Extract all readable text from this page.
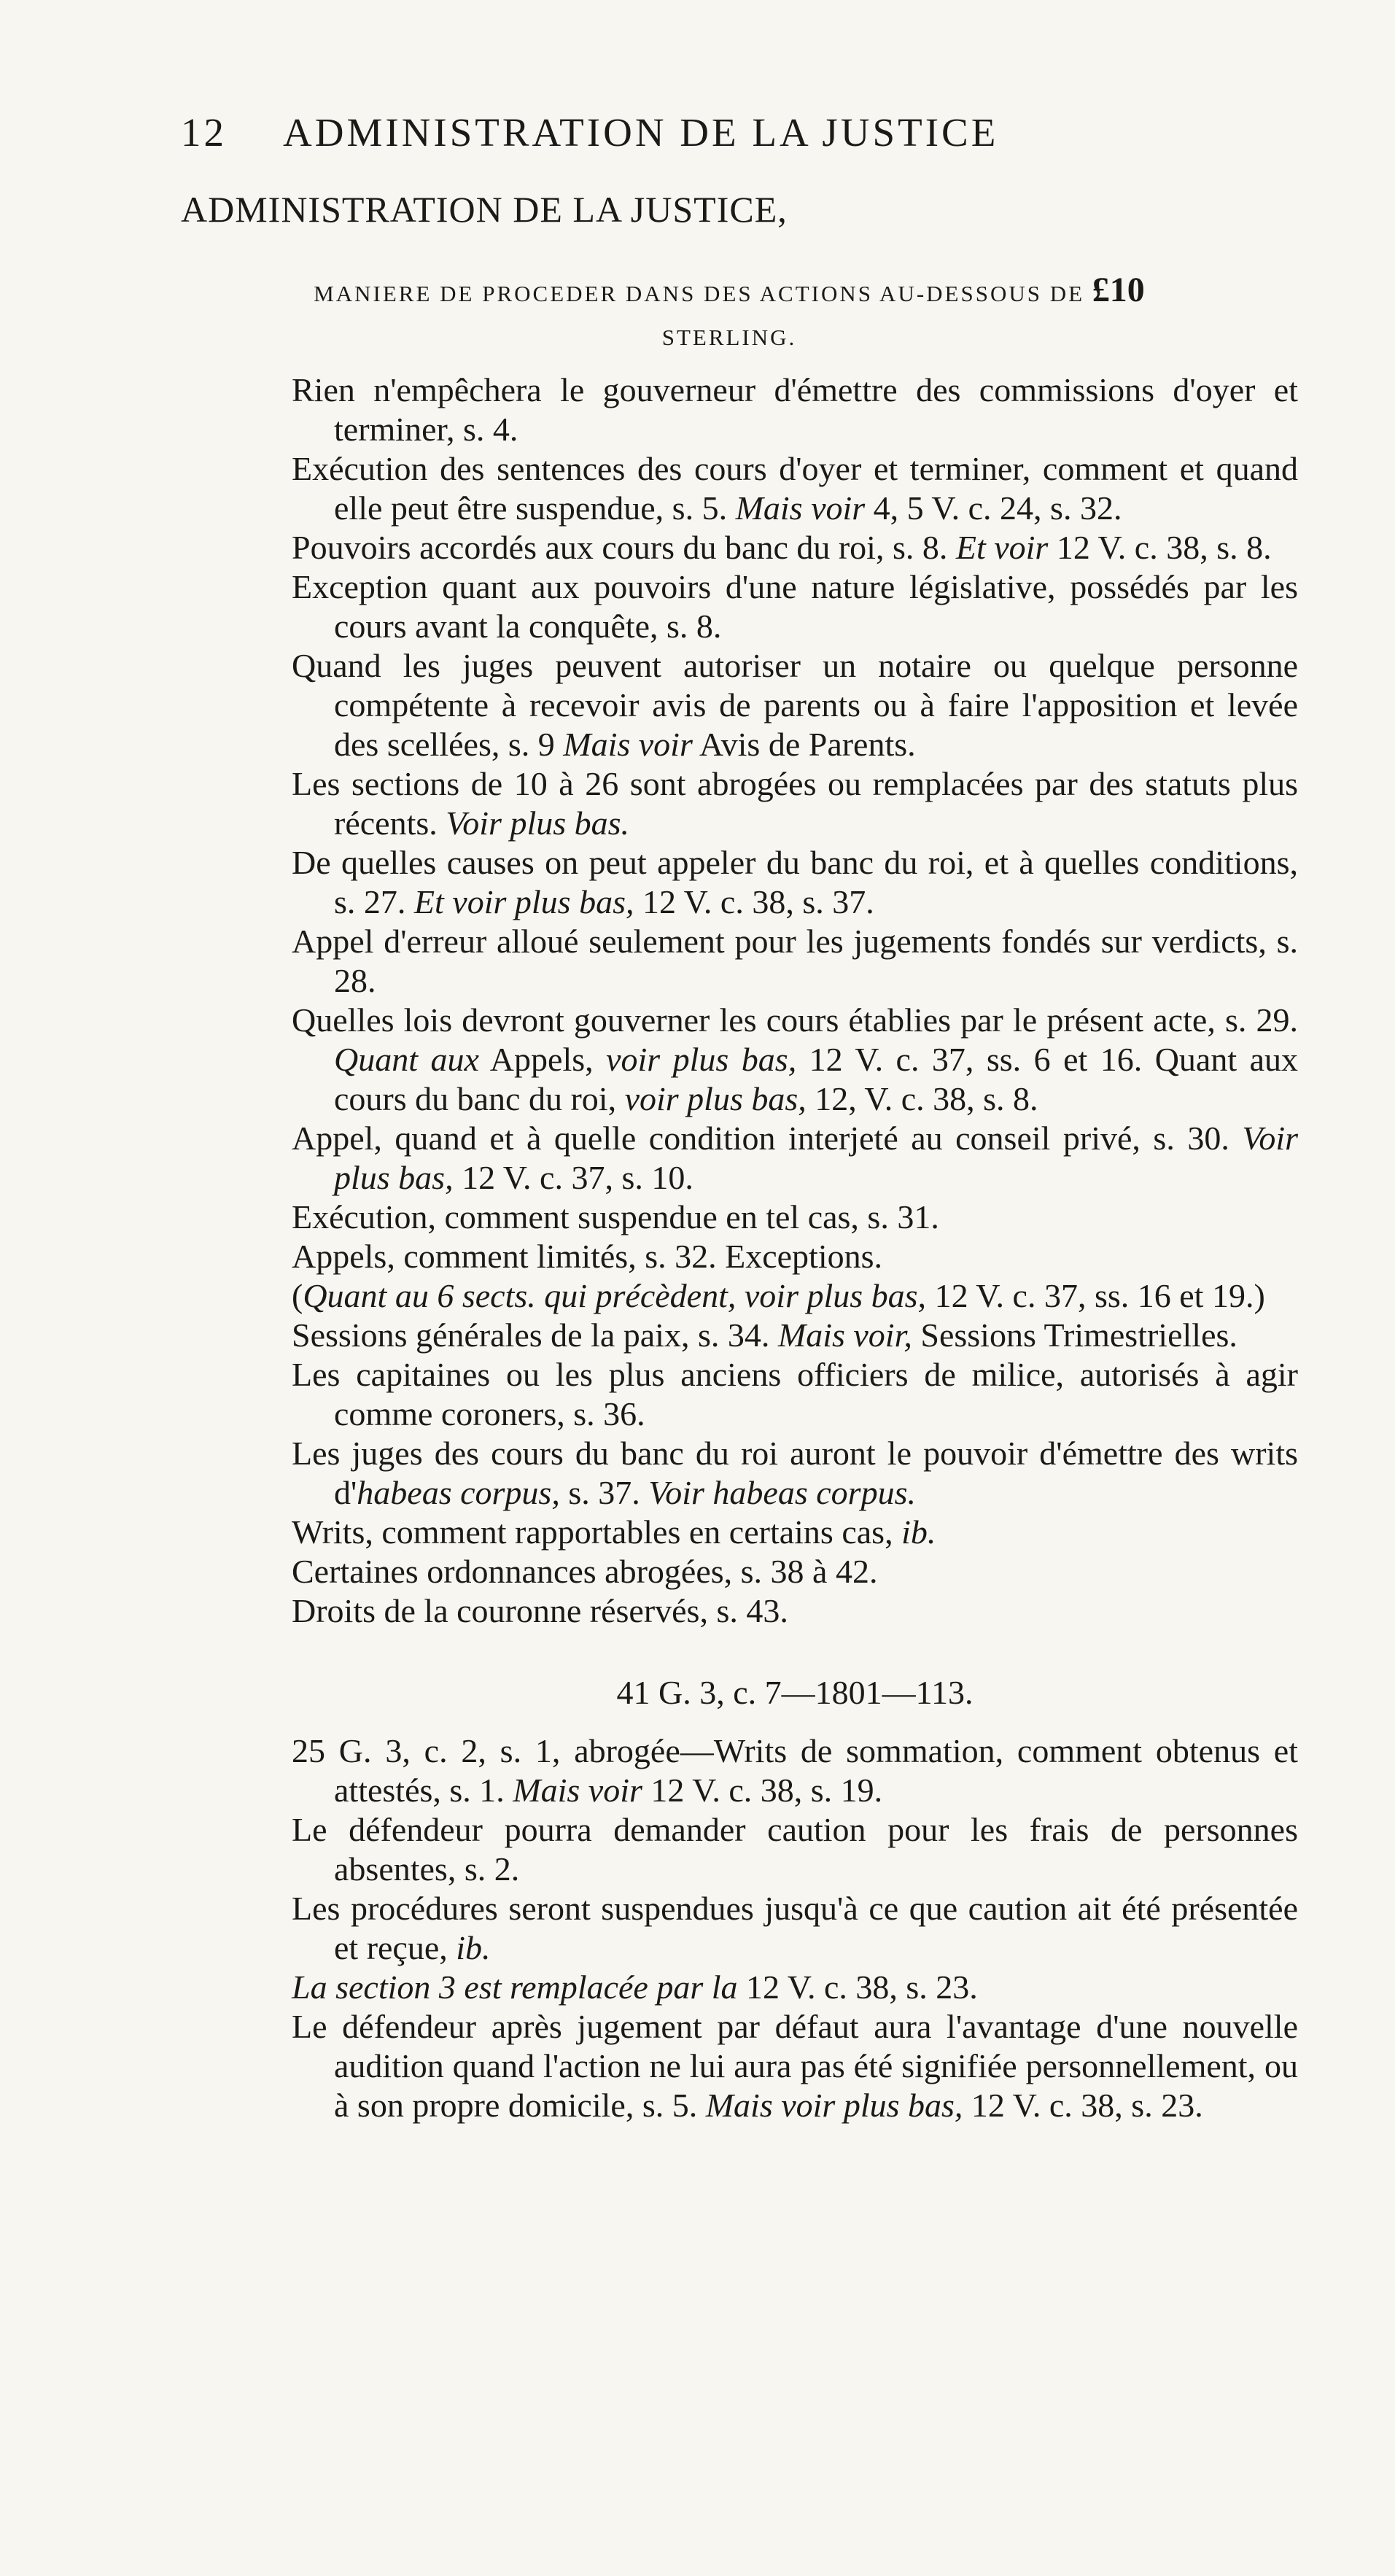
12 ADMINISTRATION DE LA JUSTICE
ADMINISTRATION DE LA JUSTICE,
MANIERE DE PROCEDER DANS DES ACTIONS AU-DESSOUS DE £10
STERLING.

Rien n'empêchera le gouverneur d'émettre des commissions d'oyer et terminer, s. 4.

Exécution des sentences des cours d'oyer et terminer, comment et quand elle peut être suspendue, s. 5. Mais voir 4, 5 V. c. 24, s. 32.

Pouvoirs accordés aux cours du banc du roi, s. 8. Et voir 12 V. c. 38, s. 8.

Exception quant aux pouvoirs d'une nature législative, possédés par les cours avant la conquête, s. 8.

Quand les juges peuvent autoriser un notaire ou quelque personne compétente à recevoir avis de parents ou à faire l'apposition et levée des scellées, s. 9 Mais voir Avis de Parents.

Les sections de 10 à 26 sont abrogées ou remplacées par des statuts plus récents. Voir plus bas.

De quelles causes on peut appeler du banc du roi, et à quelles conditions, s. 27. Et voir plus bas, 12 V. c. 38, s. 37.

Appel d'erreur alloué seulement pour les jugements fondés sur verdicts, s. 28.

Quelles lois devront gouverner les cours établies par le présent acte, s. 29. Quant aux Appels, voir plus bas, 12 V. c. 37, ss. 6 et 16. Quant aux cours du banc du roi, voir plus bas, 12, V. c. 38, s. 8.

Appel, quand et à quelle condition interjeté au conseil privé, s. 30. Voir plus bas, 12 V. c. 37, s. 10.

Exécution, comment suspendue en tel cas, s. 31.

Appels, comment limités, s. 32. Exceptions.

(Quant au 6 sects. qui précèdent, voir plus bas, 12 V. c. 37, ss. 16 et 19.)

Sessions générales de la paix, s. 34. Mais voir, Sessions Trimestrielles.

Les capitaines ou les plus anciens officiers de milice, autorisés à agir comme coroners, s. 36.

Les juges des cours du banc du roi auront le pouvoir d'émettre des writs d'habeas corpus, s. 37. Voir habeas corpus.

Writs, comment rapportables en certains cas, ib.

Certaines ordonnances abrogées, s. 38 à 42.

Droits de la couronne réservés, s. 43.

41 G. 3, c. 7—1801—113.

25 G. 3, c. 2, s. 1, abrogée—Writs de sommation, comment obtenus et attestés, s. 1. Mais voir 12 V. c. 38, s. 19.

Le défendeur pourra demander caution pour les frais de personnes absentes, s. 2.

Les procédures seront suspendues jusqu'à ce que caution ait été présentée et reçue, ib.

La section 3 est remplacée par la 12 V. c. 38, s. 23.

Le défendeur après jugement par défaut aura l'avantage d'une nouvelle audition quand l'action ne lui aura pas été signifiée personnellement, ou à son propre domicile, s. 5. Mais voir plus bas, 12 V. c. 38, s. 23.
